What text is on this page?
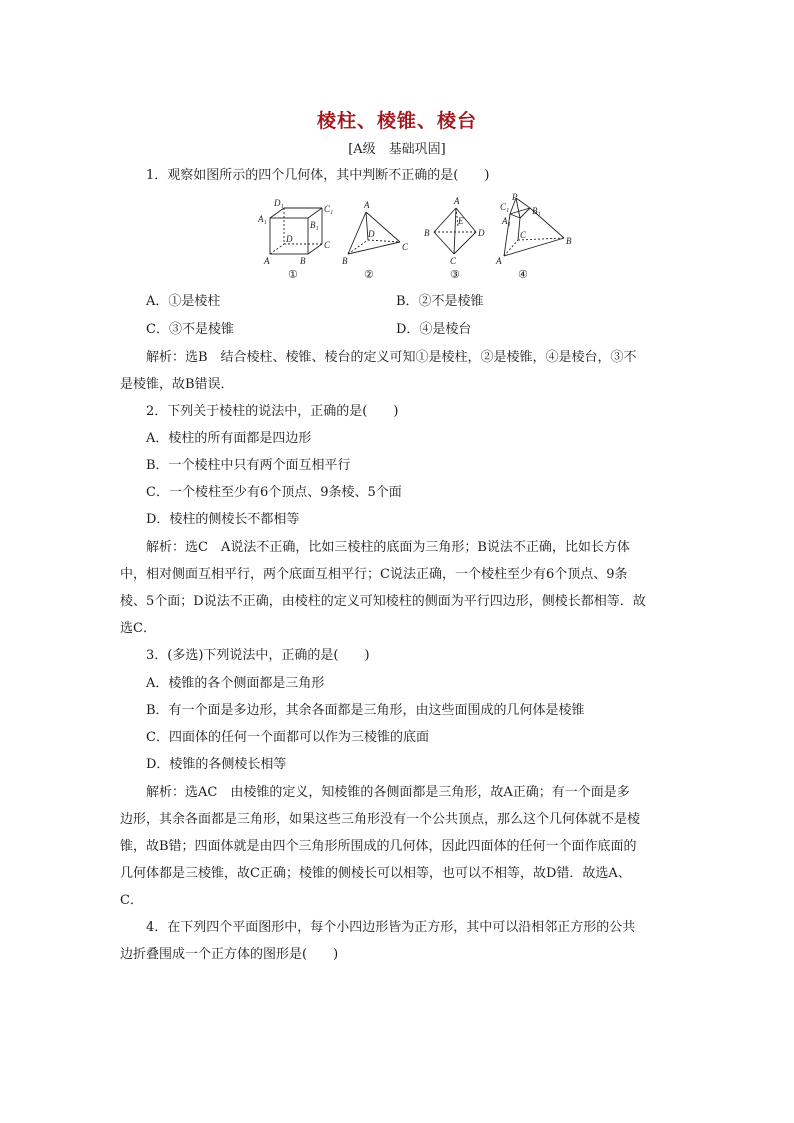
棱柱、棱锥、棱台
[A级　基础巩固]
1．观察如图所示的四个几何体，其中判断不正确的是(　　)
D₁
C₁
A₁
B₁
D
C
A	B
①
A
D
B
C
②
A
E
B	D
C
③
P
C₁	B₁
A₁
C
B
A
④
A．①是棱柱	B．②不是棱锥
C．③不是棱锥	D．④是棱台
解析：选B　结合棱柱、棱锥、棱台的定义可知①是棱柱，②是棱锥，④是棱台，③不
是棱锥，故B错误．
2．下列关于棱柱的说法中，正确的是(　　)
A．棱柱的所有面都是四边形
B．一个棱柱中只有两个面互相平行
C．一个棱柱至少有6个顶点、9条棱、5个面
D．棱柱的侧棱长不都相等
解析：选C　A说法不正确，比如三棱柱的底面为三角形；B说法不正确，比如长方体
中，相对侧面互相平行，两个底面互相平行；C说法正确，一个棱柱至少有6个顶点、9条
棱、5个面；D说法不正确，由棱柱的定义可知棱柱的侧面为平行四边形，侧棱长都相等．故
选C．
3．(多选)下列说法中，正确的是(　　)
A．棱锥的各个侧面都是三角形
B．有一个面是多边形，其余各面都是三角形，由这些面围成的几何体是棱锥
C．四面体的任何一个面都可以作为三棱锥的底面
D．棱锥的各侧棱长相等
解析：选AC　由棱锥的定义，知棱锥的各侧面都是三角形，故A正确；有一个面是多
边形，其余各面都是三角形，如果这些三角形没有一个公共顶点，那么这个几何体就不是棱
锥，故B错；四面体就是由四个三角形所围成的几何体，因此四面体的任何一个面作底面的
几何体都是三棱锥，故C正确；棱锥的侧棱长可以相等，也可以不相等，故D错．故选A、
C．
4．在下列四个平面图形中，每个小四边形皆为正方形，其中可以沿相邻正方形的公共
边折叠围成一个正方体的图形是(　　)
